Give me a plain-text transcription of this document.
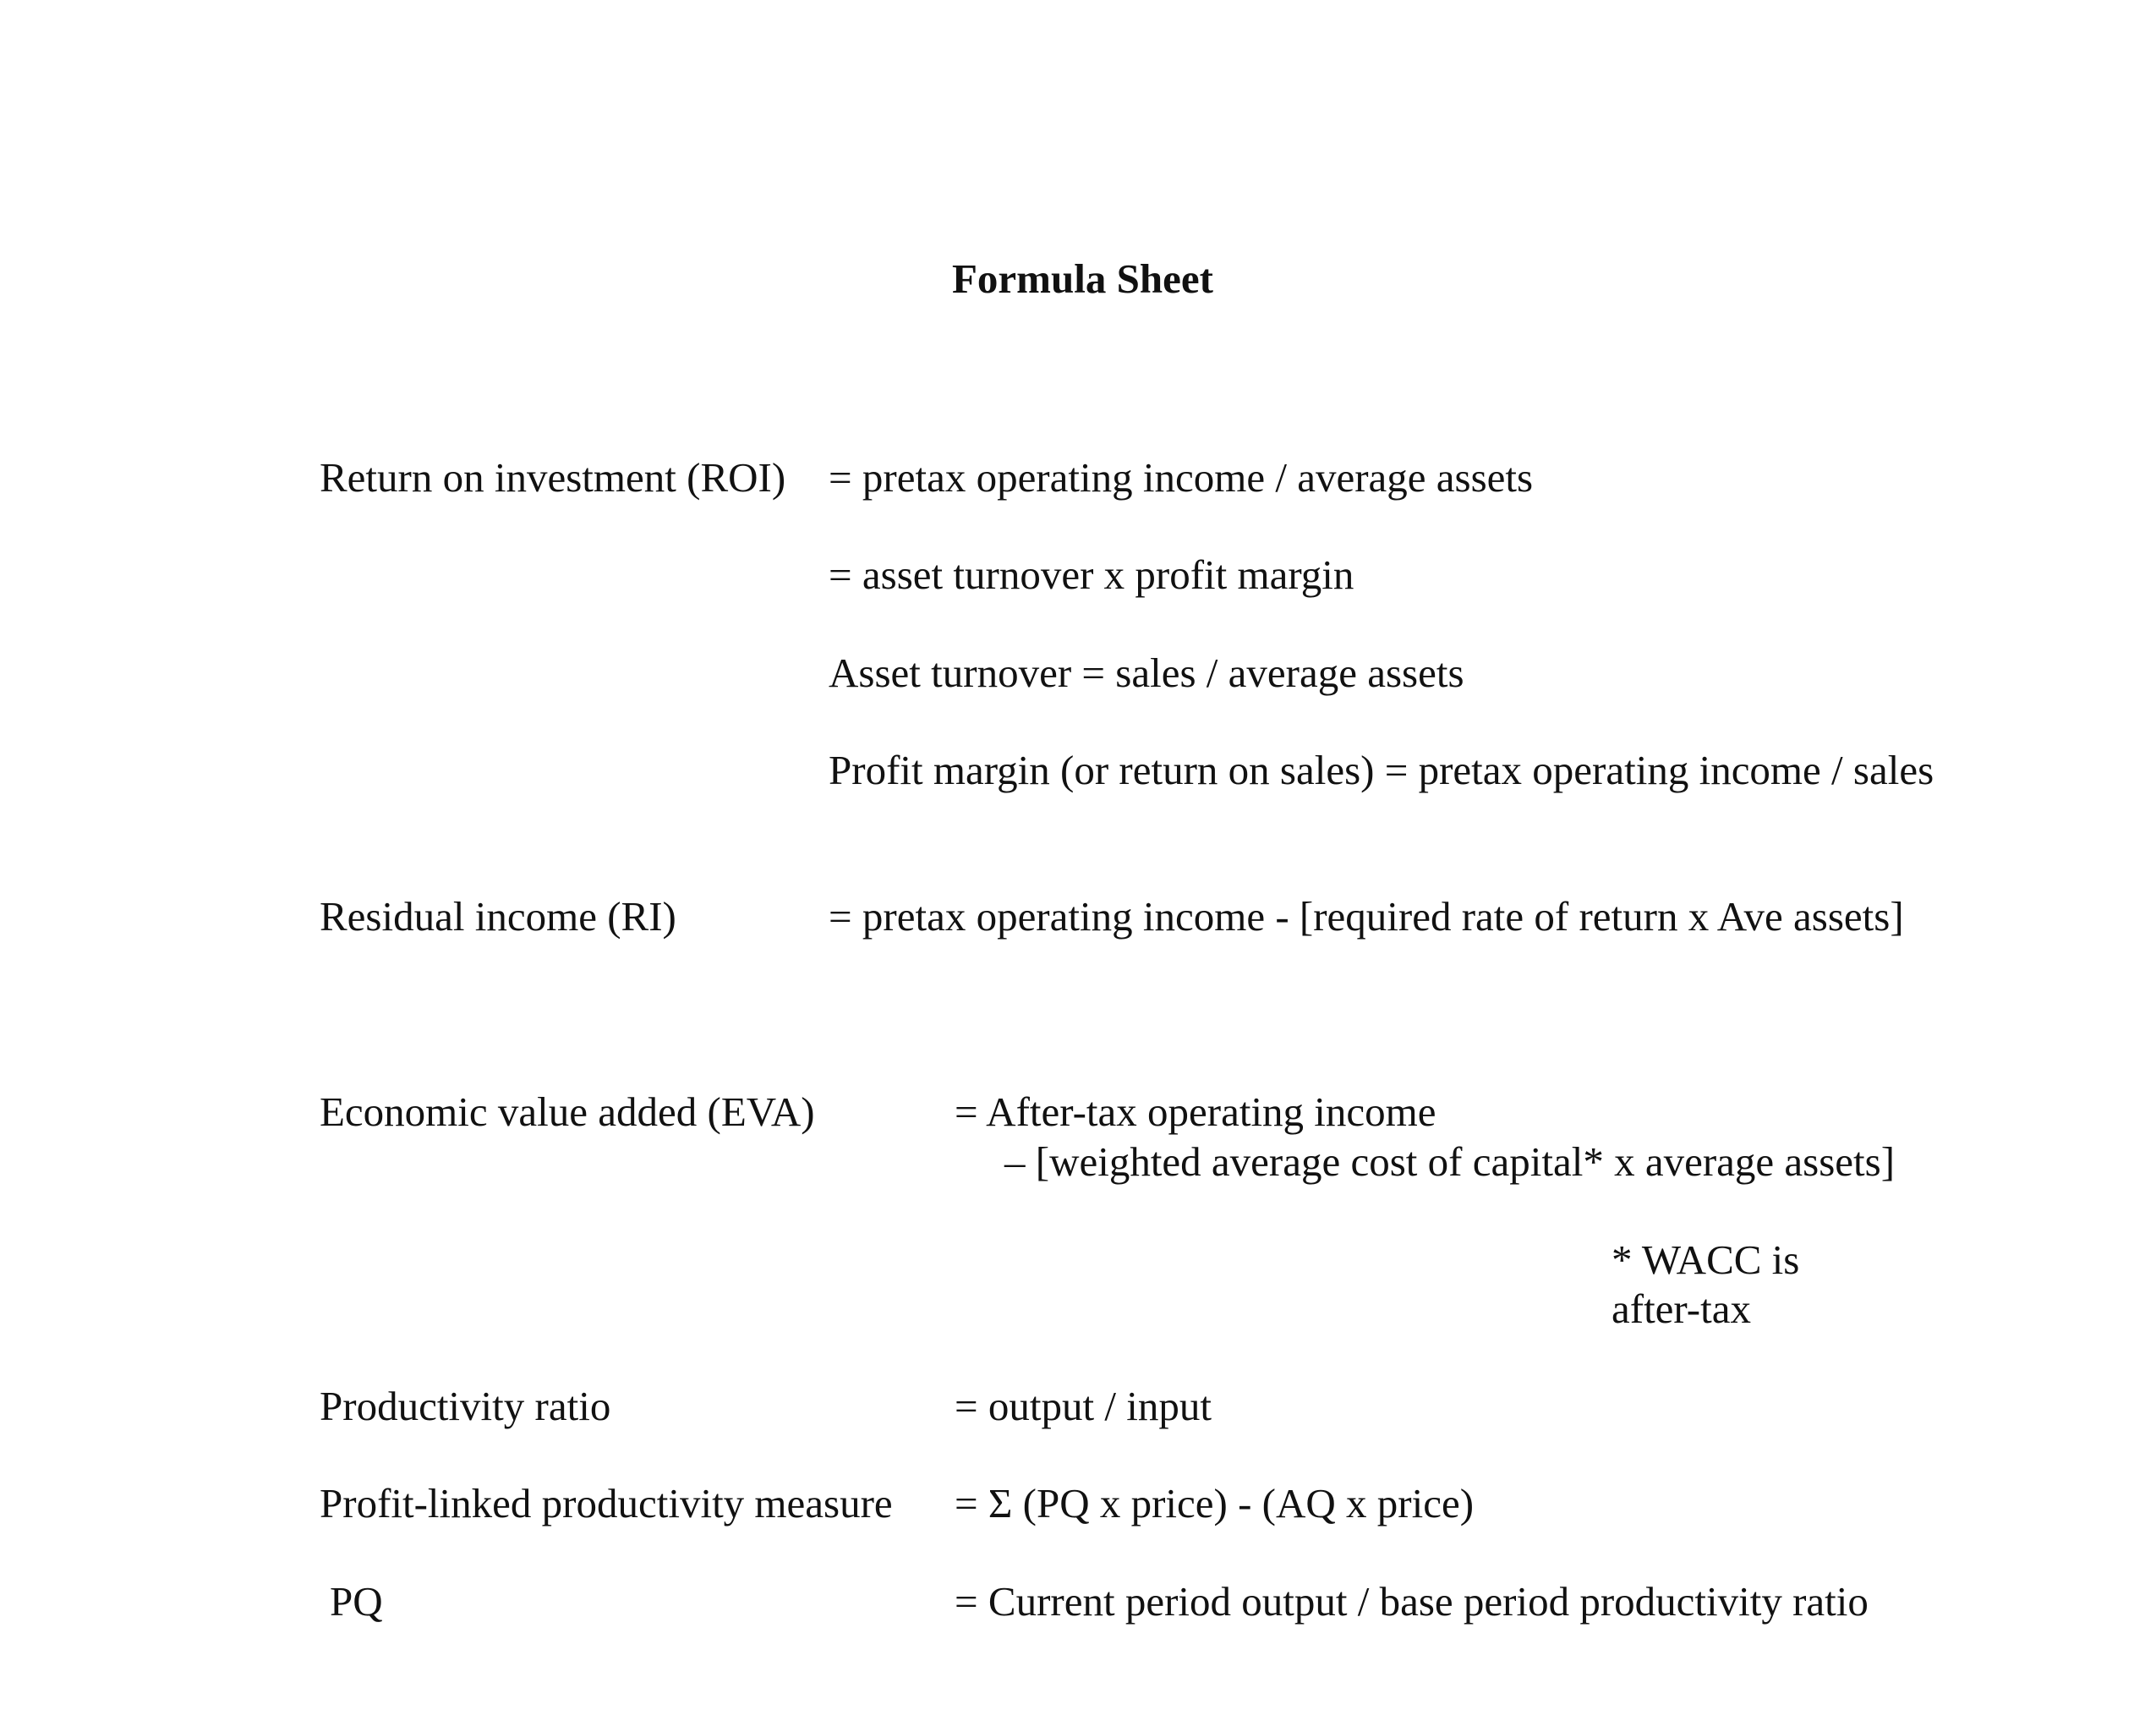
Formula Sheet
Return on investment (ROI) = pretax operating income / average assets
= asset turnover x profit margin
Asset turnover = sales / average assets
Profit margin (or return on sales) = pretax operating income / sales
Residual income (RI)	= pretax operating income - [required rate of return x Ave assets]
Economic value added (EVA)	= After-tax operating income
– [weighted average cost of capital* x average assets]
* WACC is
after-tax
Productivity ratio	= output / input
Profit-linked productivity measure = Σ (PQ x price) - (AQ x price)
PQ	= Current period output / base period productivity ratio
